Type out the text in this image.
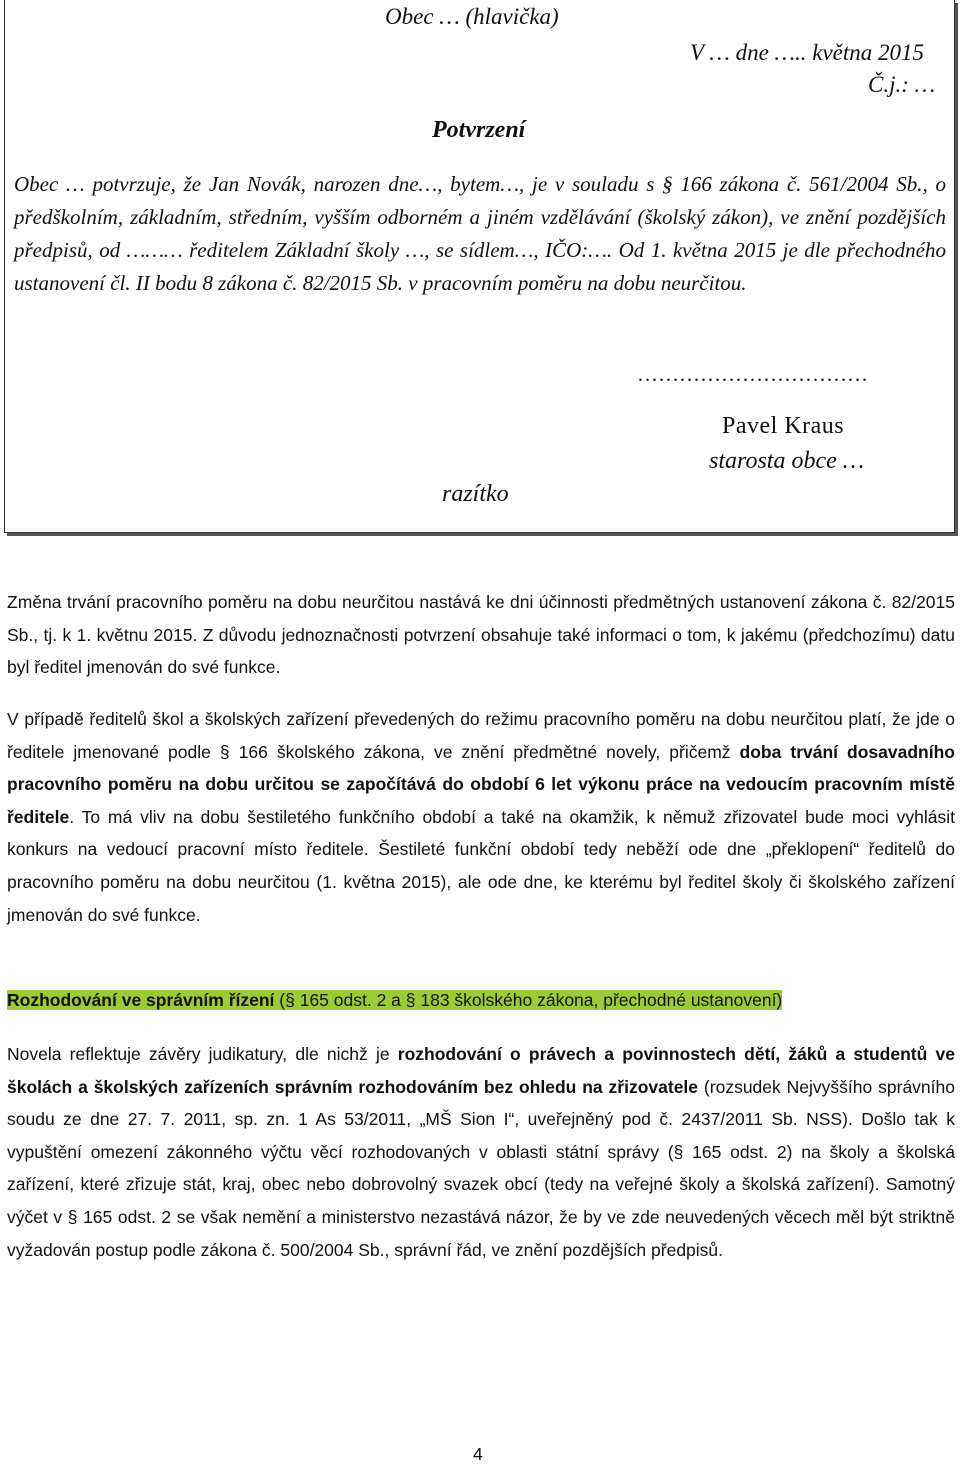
Obec … (hlavička)
V … dne ….. května 2015
Č.j.: …
Potvrzení
Obec … potvrzuje, že Jan Novák, narozen dne…, bytem…, je v souladu s § 166 zákona č. 561/2004 Sb., o předškolním, základním, středním, vyšším odborném a jiném vzdělávání (školský zákon), ve znění pozdějších předpisů, od ……… ředitelem Základní školy …, se sídlem…, IČO:…. Od 1. května 2015 je dle přechodného ustanovení čl. II bodu 8 zákona č. 82/2015 Sb. v pracovním poměru na dobu neurčitou.
……………………………
Pavel Kraus
starosta obce …
razítko
Změna trvání pracovního poměru na dobu neurčitou nastává ke dni účinnosti předmětných ustanovení zákona č. 82/2015 Sb., tj. k 1. květnu 2015. Z důvodu jednoznačnosti potvrzení obsahuje také informaci o tom, k jakému (předchozímu) datu byl ředitel jmenován do své funkce.
V případě ředitelů škol a školských zařízení převedených do režimu pracovního poměru na dobu neurčitou platí, že jde o ředitele jmenované podle § 166 školského zákona, ve znění předmětné novely, přičemž doba trvání dosavadního pracovního poměru na dobu určitou se započítává do období 6 let výkonu práce na vedoucím pracovním místě ředitele. To má vliv na dobu šestiletého funkčního období a také na okamžik, k němuž zřizovatel bude moci vyhlásit konkurs na vedoucí pracovní místo ředitele. Šestileté funkční období tedy neběží ode dne „překlopení“ ředitelů do pracovního poměru na dobu neurčitou (1. května 2015), ale ode dne, ke kterému byl ředitel školy či školského zařízení jmenován do své funkce.
Rozhodování ve správním řízení (§ 165 odst. 2 a § 183 školského zákona, přechodné ustanovení)
Novela reflektuje závěry judikatury, dle nichž je rozhodování o právech a povinnostech dětí, žáků a studentů ve školách a školských zařízeních správním rozhodováním bez ohledu na zřizovatele (rozsudek Nejvyššího správního soudu ze dne 27. 7. 2011, sp. zn. 1 As 53/2011, „MŠ Sion I“, uveřejněný pod č. 2437/2011 Sb. NSS). Došlo tak k vypuštění omezení zákonného výčtu věcí rozhodovaných v oblasti státní správy (§ 165 odst. 2) na školy a školská zařízení, které zřizuje stát, kraj, obec nebo dobrovolný svazek obcí (tedy na veřejné školy a školská zařízení). Samotný výčet v § 165 odst. 2 se však nemění a ministerstvo nezastává názor, že by ve zde neuvedených věcech měl být striktně vyžadován postup podle zákona č. 500/2004 Sb., správní řád, ve znění pozdějších předpisů.
4
